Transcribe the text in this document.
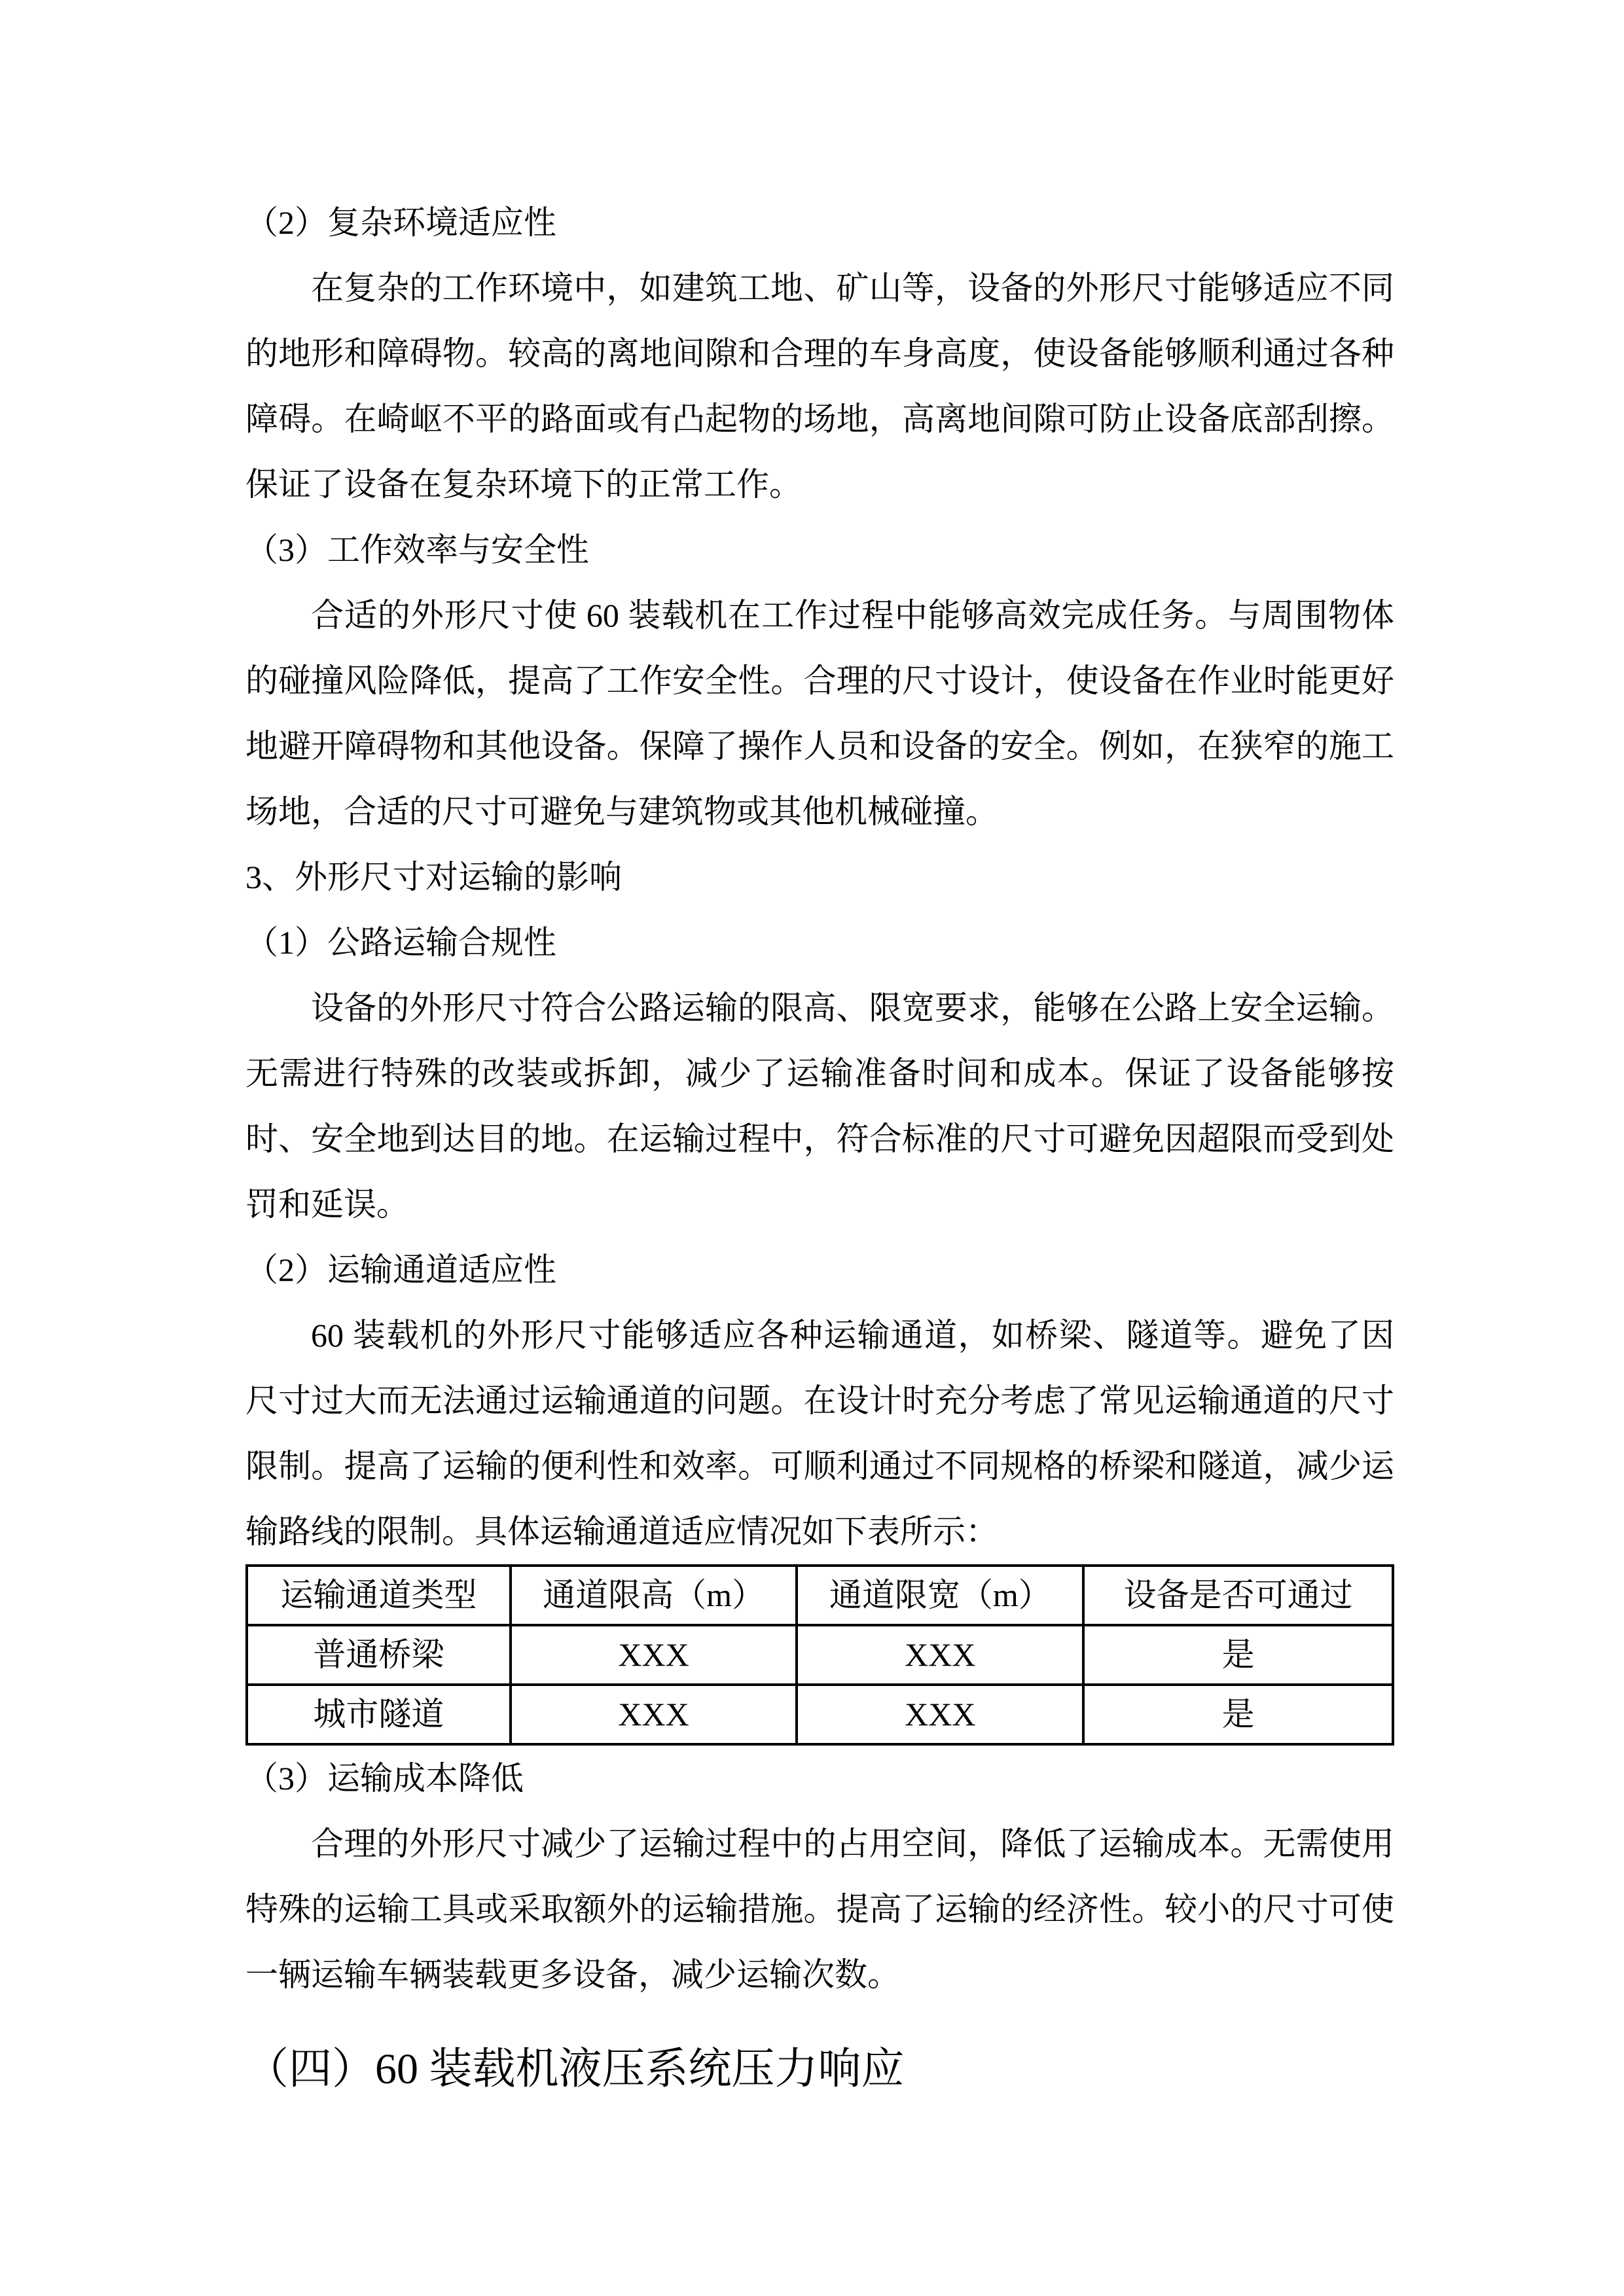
（2）复杂环境适应性

在复杂的工作环境中，如建筑工地、矿山等，设备的外形尺寸能够适应不同的地形和障碍物。较高的离地间隙和合理的车身高度，使设备能够顺利通过各种障碍。在崎岖不平的路面或有凸起物的场地，高离地间隙可防止设备底部刮擦。保证了设备在复杂环境下的正常工作。

（3）工作效率与安全性

合适的外形尺寸使 60 装载机在工作过程中能够高效完成任务。与周围物体的碰撞风险降低，提高了工作安全性。合理的尺寸设计，使设备在作业时能更好地避开障碍物和其他设备。保障了操作人员和设备的安全。例如，在狭窄的施工场地，合适的尺寸可避免与建筑物或其他机械碰撞。

3、外形尺寸对运输的影响
（1）公路运输合规性

设备的外形尺寸符合公路运输的限高、限宽要求，能够在公路上安全运输。无需进行特殊的改装或拆卸，减少了运输准备时间和成本。保证了设备能够按时、安全地到达目的地。在运输过程中，符合标准的尺寸可避免因超限而受到处罚和延误。

（2）运输通道适应性

60 装载机的外形尺寸能够适应各种运输通道，如桥梁、隧道等。避免了因尺寸过大而无法通过运输通道的问题。在设计时充分考虑了常见运输通道的尺寸限制。提高了运输的便利性和效率。可顺利通过不同规格的桥梁和隧道，减少运输路线的限制。具体运输通道适应情况如下表所示：

运输通道类型	通道限高（m）	通道限宽（m）	设备是否可通过
普通桥梁	XXX	XXX	是
城市隧道	XXX	XXX	是
（3）运输成本降低

合理的外形尺寸减少了运输过程中的占用空间，降低了运输成本。无需使用特殊的运输工具或采取额外的运输措施。提高了运输的经济性。较小的尺寸可使一辆运输车辆装载更多设备，减少运输次数。

（四）60 装载机液压系统压力响应
